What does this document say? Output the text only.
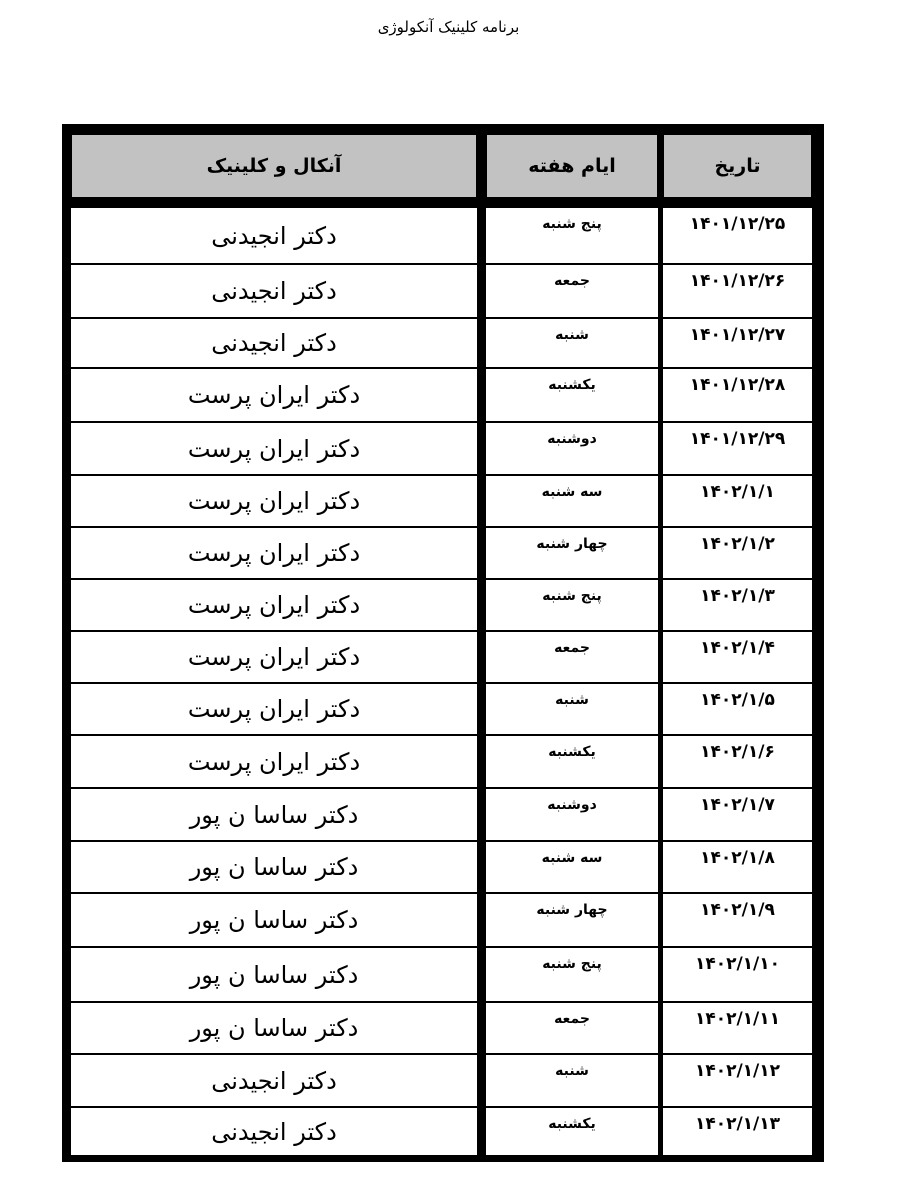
برنامه کلینیک آنکولوژی
آنکال و کلینیک	ایام هفته	تاریخ
دکتر انجیدنی
دکتر انجیدنی
دکتر انجیدنی
دکتر ایران پرست
دکتر ایران پرست
دکتر ایران پرست
دکتر ایران پرست
دکتر ایران پرست
دکتر ایران پرست
دکتر ایران پرست
دکتر ایران پرست
دکتر ساسا ن پور
دکتر ساسا ن پور
دکتر ساسا ن پور
دکتر ساسا ن پور
دکتر ساسا ن پور
دکتر انجیدنی
دکتر انجیدنی
پنج شنبه
جمعه
شنبه
یکشنبه
دوشنبه
سه شنبه
چهار شنبه
پنج شنبه
جمعه
شنبه
یکشنبه
دوشنبه
سه شنبه
چهار شنبه
پنج شنبه
جمعه
شنبه
یکشنبه
۱۴۰۱/۱۲/۲۵
۱۴۰۱/۱۲/۲۶
۱۴۰۱/۱۲/۲۷
۱۴۰۱/۱۲/۲۸
۱۴۰۱/۱۲/۲۹
۱۴۰۲/۱/۱
۱۴۰۲/۱/۲
۱۴۰۲/۱/۳
۱۴۰۲/۱/۴
۱۴۰۲/۱/۵
۱۴۰۲/۱/۶
۱۴۰۲/۱/۷
۱۴۰۲/۱/۸
۱۴۰۲/۱/۹
۱۴۰۲/۱/۱۰
۱۴۰۲/۱/۱۱
۱۴۰۲/۱/۱۲
۱۴۰۲/۱/۱۳
